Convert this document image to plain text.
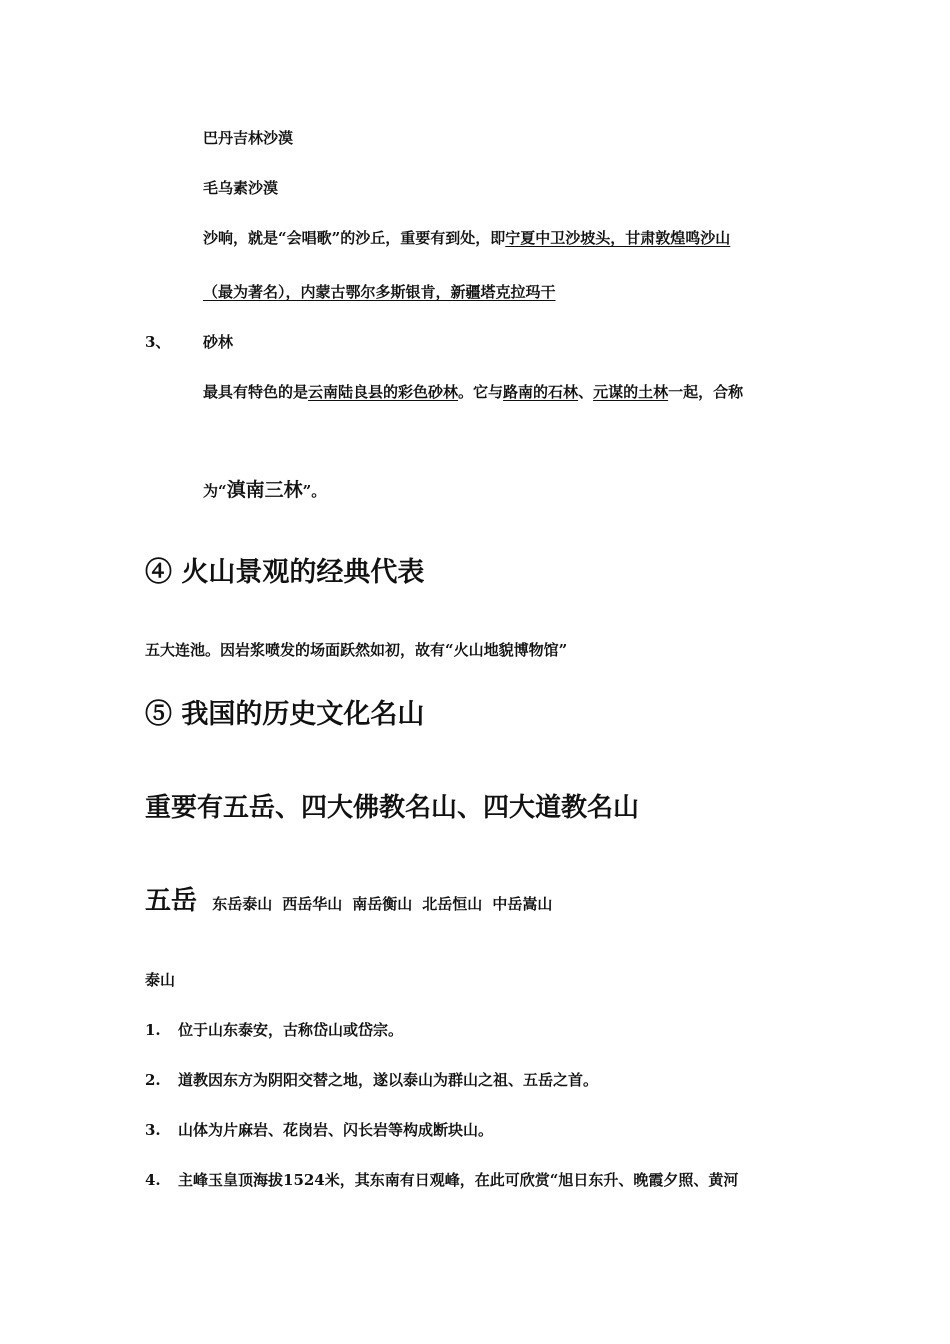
巴丹吉林沙漠
毛乌素沙漠
沙响，就是“会唱歌”的沙丘，重要有到处，即宁夏中卫沙坡头，甘肃敦煌鸣沙山
（最为著名），内蒙古鄂尔多斯银肯，新疆塔克拉玛干
3、 砂林
最具有特色的是云南陆良县的彩色砂林。它与路南的石林、元谋的土林一起，合称
为“滇南三林”。
④ 火山景观的经典代表
五大连池。因岩浆喷发的场面跃然如初，故有“火山地貌博物馆”
⑤ 我国的历史文化名山
重要有五岳、四大佛教名山、四大道教名山
五岳 东岳泰山 西岳华山 南岳衡山 北岳恒山 中岳嵩山
泰山
1. 位于山东泰安，古称岱山或岱宗。
2. 道教因东方为阴阳交替之地，遂以泰山为群山之祖、五岳之首。
3. 山体为片麻岩、花岗岩、闪长岩等构成断块山。
4. 主峰玉皇顶海拔1524米，其东南有日观峰，在此可欣赏“旭日东升、晚霞夕照、黄河
